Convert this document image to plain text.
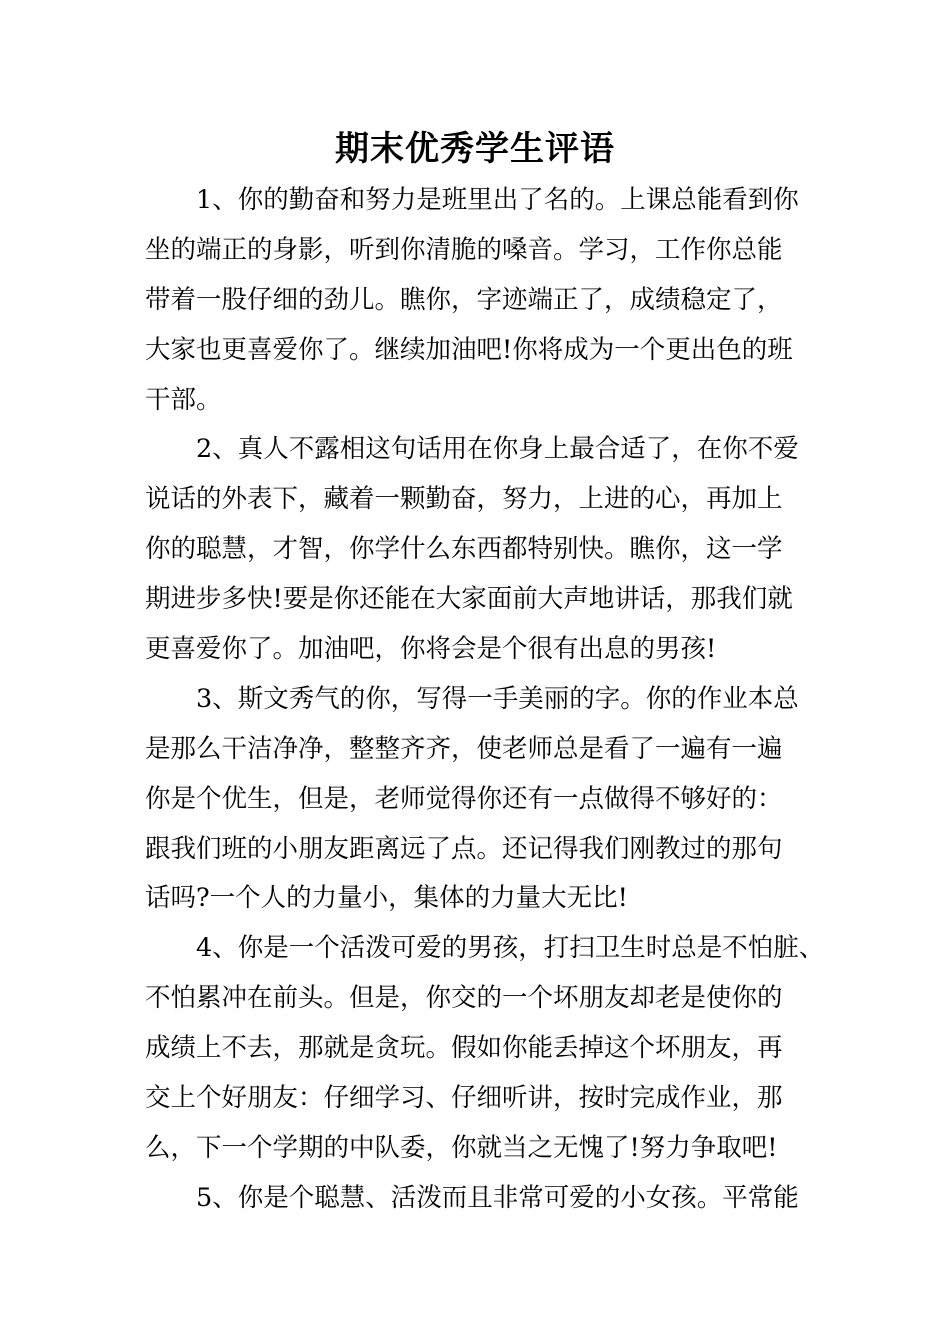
期末优秀学生评语

1、你的勤奋和努力是班里出了名的。上课总能看到你
坐的端正的身影，听到你清脆的嗓音。学习，工作你总能
带着一股仔细的劲儿。瞧你，字迹端正了，成绩稳定了，
大家也更喜爱你了。继续加油吧!你将成为一个更出色的班
干部。

2、真人不露相这句话用在你身上最合适了，在你不爱
说话的外表下，藏着一颗勤奋，努力，上进的心，再加上
你的聪慧，才智，你学什么东西都特别快。瞧你，这一学
期进步多快!要是你还能在大家面前大声地讲话，那我们就
更喜爱你了。加油吧，你将会是个很有出息的男孩!

3、斯文秀气的你，写得一手美丽的字。你的作业本总
是那么干洁净净，整整齐齐，使老师总是看了一遍有一遍
你是个优生，但是，老师觉得你还有一点做得不够好的：
跟我们班的小朋友距离远了点。还记得我们刚教过的那句
话吗?一个人的力量小，集体的力量大无比!

4、你是一个活泼可爱的男孩，打扫卫生时总是不怕脏、
不怕累冲在前头。但是，你交的一个坏朋友却老是使你的
成绩上不去，那就是贪玩。假如你能丢掉这个坏朋友，再
交上个好朋友：仔细学习、仔细听讲，按时完成作业，那
么，下一个学期的中队委，你就当之无愧了!努力争取吧!

5、你是个聪慧、活泼而且非常可爱的小女孩。平常能
